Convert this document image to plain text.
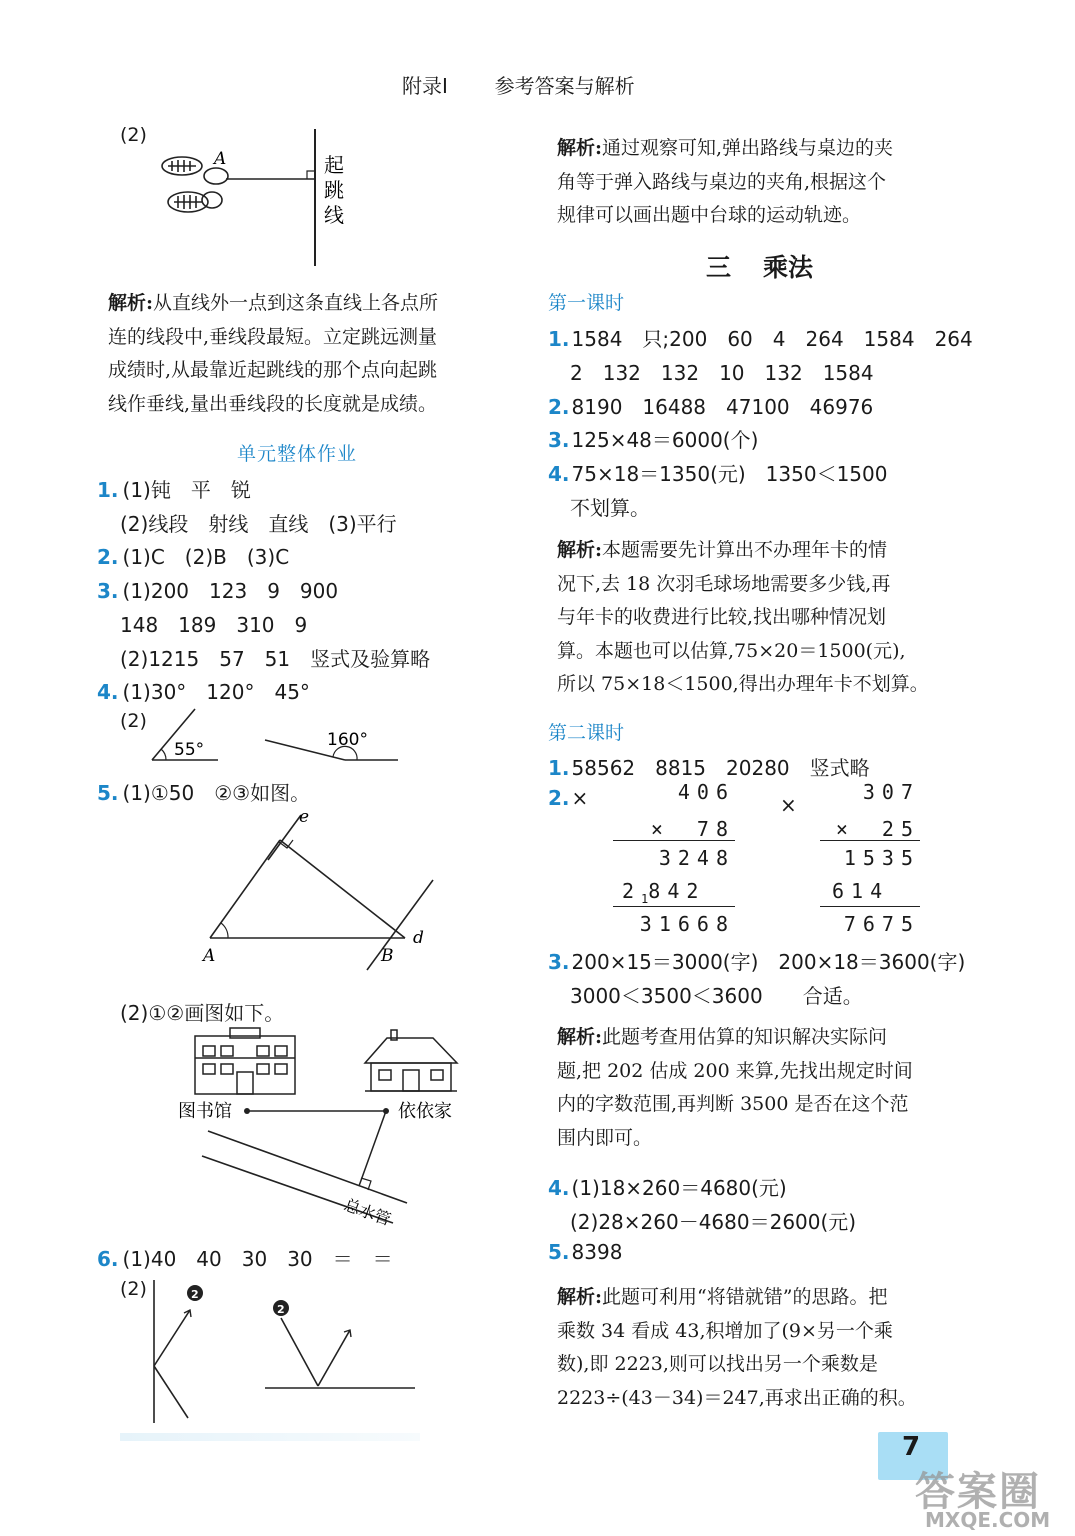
附录Ⅰ 参考答案与解析
(2)
A	起
跳
线
解析:从直线外一点到这条直线上各点所
连的线段中,垂线段最短。立定跳远测量
成绩时,从最靠近起跳线的那个点向起跳
线作垂线,量出垂线段的长度就是成绩。
单元整体作业
1. (1)钝　平　锐
(2)线段　射线　直线　(3)平行
2. (1)C　(2)B　(3)C
3. (1)200　123　9　900
148　189　310　9
(2)1215　57　51　竖式及验算略
4. (1)30°　120°　45°
(2)
55°	160°
5. (1)①50　②③如图。
e
d
A	B
(2)①②画图如下。
图书馆	依依家
总水管
6. (1)40　40　30　30　＝　＝
(2)	2
2
解析:通过观察可知,弹出路线与桌边的夹
角等于弹入路线与桌边的夹角,根据这个
规律可以画出题中台球的运动轨迹。
三 乘法
第一课时
1. 1584　只;200　60　4　264　1584　264
2　132　132　10　132　1584
2. 8190　16488　47100　46976
3. 125×48＝6000(个)
4. 75×18＝1350(元)　1350＜1500
不划算。
解析:本题需要先计算出不办理年卡的情
况下,去 18 次羽毛球场地需要多少钱,再
与年卡的收费进行比较,找出哪种情况划
算。本题也可以估算,75×20＝1500(元),
所以 75×18＜1500,得出办理年卡不划算。
第二课时
1. 58562　8815　20280　竖式略
2. ×	×
406
×　78
3248
$2_1842$
31668
307
×　25
1535
614
7675
3. 200×15＝3000(字)　200×18＝3600(字)
3000＜3500＜3600　　合适。
解析:此题考查用估算的知识解决实际问
题,把 202 估成 200 来算,先找出规定时间
内的字数范围,再判断 3500 是否在这个范
围内即可。
4. (1)18×260＝4680(元)
(2)28×260－4680＝2600(元)
5. 8398
解析:此题可利用“将错就错”的思路。把
乘数 34 看成 43,积增加了(9×另一个乘
数),即 2223,则可以找出另一个乘数是
2223÷(43－34)＝247,再求出正确的积。
7
答案圈
MXQE.COM
